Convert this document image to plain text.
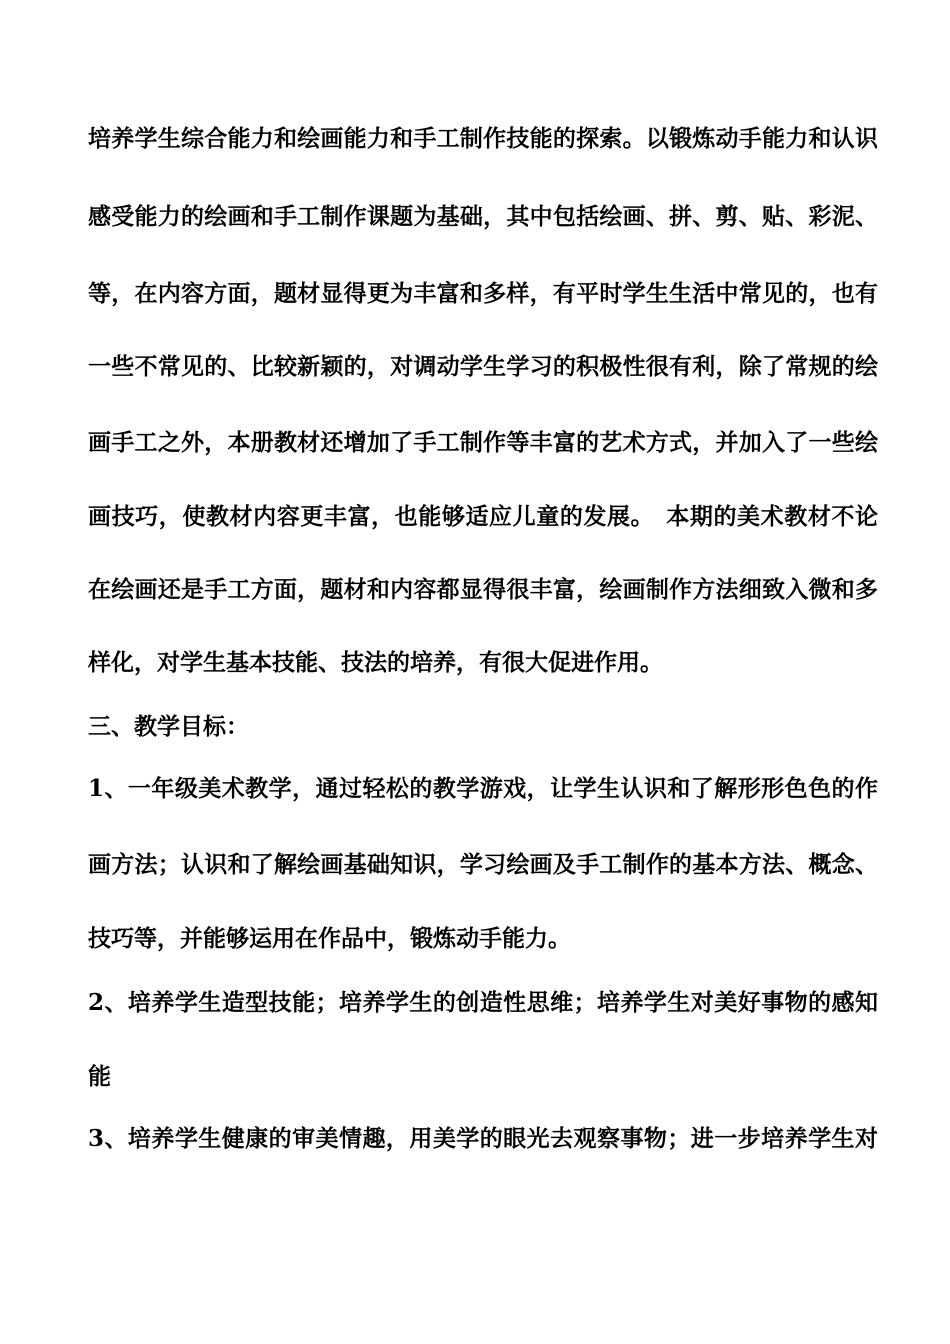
培养学生综合能力和绘画能力和手工制作技能的探索。以锻炼动手能力和认识
感受能力的绘画和手工制作课题为基础，其中包括绘画、拼、剪、贴、彩泥、
等，在内容方面，题材显得更为丰富和多样，有平时学生生活中常见的，也有
一些不常见的、比较新颖的，对调动学生学习的积极性很有利，除了常规的绘
画手工之外，本册教材还增加了手工制作等丰富的艺术方式，并加入了一些绘
画技巧，使教材内容更丰富，也能够适应儿童的发展。　本期的美术教材不论
在绘画还是手工方面，题材和内容都显得很丰富，绘画制作方法细致入微和多
样化，对学生基本技能、技法的培养，有很大促进作用。
三、教学目标：
1、一年级美术教学，通过轻松的教学游戏，让学生认识和了解形形色色的作
画方法；认识和了解绘画基础知识，学习绘画及手工制作的基本方法、概念、
技巧等，并能够运用在作品中，锻炼动手能力。
2、培养学生造型技能；培养学生的创造性思维；培养学生对美好事物的感知
能
3、培养学生健康的审美情趣，用美学的眼光去观察事物；进一步培养学生对
